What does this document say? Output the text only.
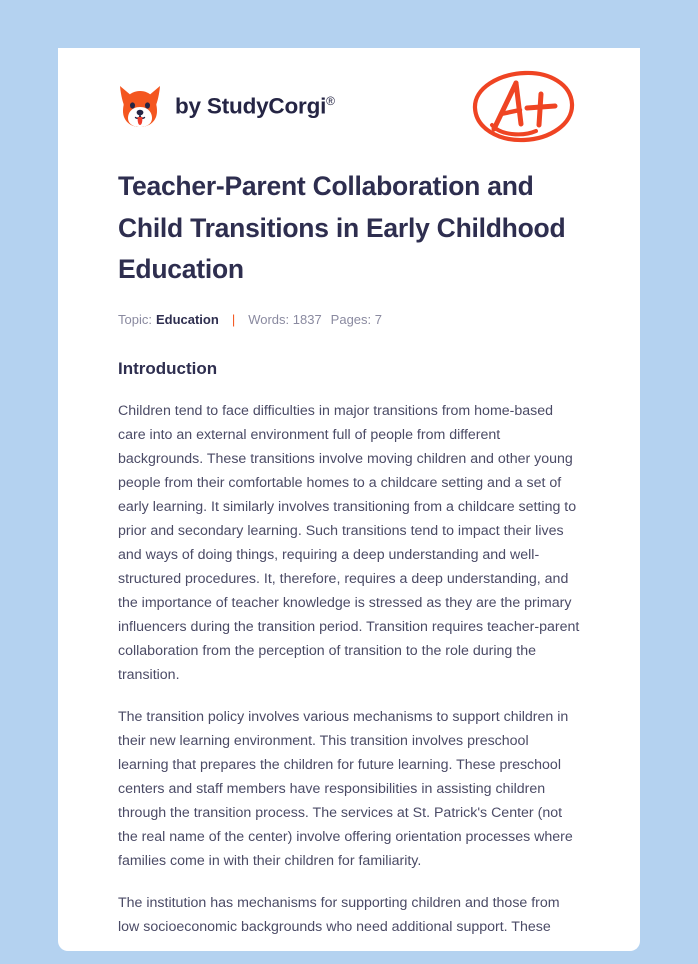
by StudyCorgi®
Teacher-Parent Collaboration and Child Transitions in Early Childhood Education
Topic: Education | Words: 1837 Pages: 7
Introduction

Children tend to face difficulties in major transitions from home-based care into an external environment full of people from different backgrounds. These transitions involve moving children and other young people from their comfortable homes to a childcare setting and a set of early learning. It similarly involves transitioning from a childcare setting to prior and secondary learning. Such transitions tend to impact their lives and ways of doing things, requiring a deep understanding and well-structured procedures. It, therefore, requires a deep understanding, and the importance of teacher knowledge is stressed as they are the primary influencers during the transition period. Transition requires teacher-parent collaboration from the perception of transition to the role during the transition.

The transition policy involves various mechanisms to support children in their new learning environment. This transition involves preschool learning that prepares the children for future learning. These preschool centers and staff members have responsibilities in assisting children through the transition process. The services at St. Patrick's Center (not the real name of the center) involve offering orientation processes where families come in with their children for familiarity.

The institution has mechanisms for supporting children and those from low socioeconomic backgrounds who need additional support. These
